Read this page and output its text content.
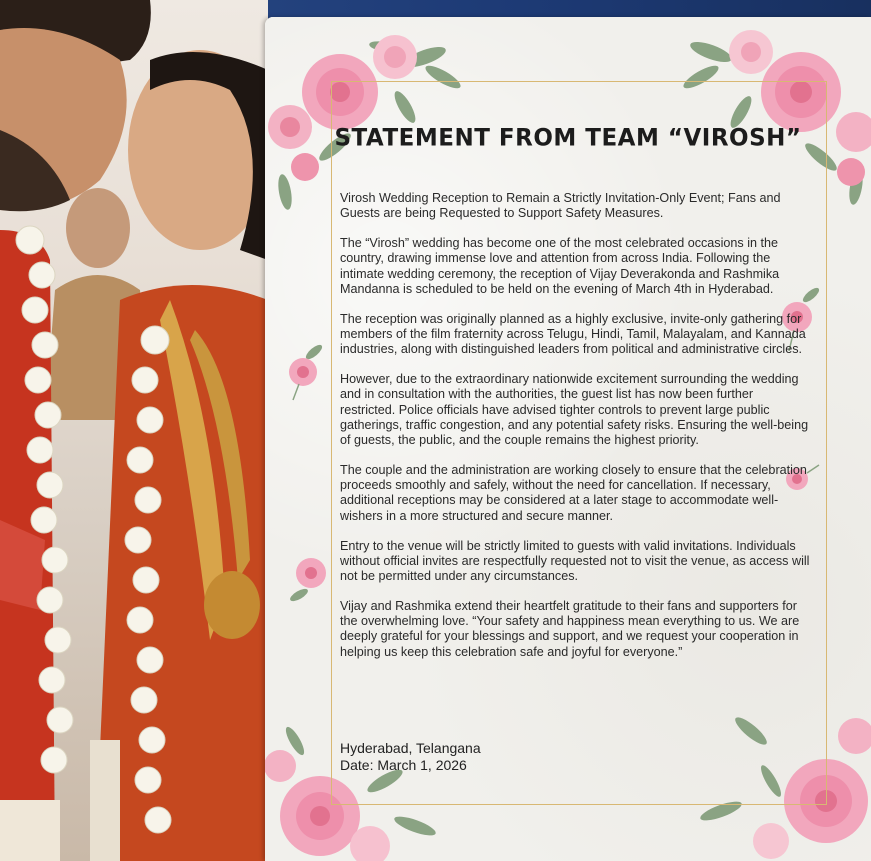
STATEMENT FROM TEAM “VIROSH”

Virosh Wedding Reception to Remain a Strictly Invitation-Only Event; Fans and Guests are being Requested to Support Safety Measures.

The “Virosh” wedding has become one of the most celebrated occasions in the country, drawing immense love and attention from across India. Following the intimate wedding ceremony, the reception of Vijay Deverakonda and Rashmika Mandanna is scheduled to be held on the evening of March 4th in Hyderabad.

The reception was originally planned as a highly exclusive, invite-only gathering for members of the film fraternity across Telugu, Hindi, Tamil, Malayalam, and Kannada industries, along with distinguished leaders from political and administrative circles.

However, due to the extraordinary nationwide excitement surrounding the wedding and in consultation with the authorities, the guest list has now been further restricted. Police officials have advised tighter controls to prevent large public gatherings, traffic congestion, and any potential safety risks. Ensuring the well-being of guests, the public, and the couple remains the highest priority.

The couple and the administration are working closely to ensure that the celebration proceeds smoothly and safely, without the need for cancellation. If necessary, additional receptions may be considered at a later stage to accommodate well-wishers in a more structured and secure manner.

Entry to the venue will be strictly limited to guests with valid invitations. Individuals without official invites are respectfully requested not to visit the venue, as access will not be permitted under any circumstances.

Vijay and Rashmika extend their heartfelt gratitude to their fans and supporters for the overwhelming love. “Your safety and happiness mean everything to us. We are deeply grateful for your blessings and support, and we request your cooperation in helping us keep this celebration safe and joyful for everyone.”

Hyderabad, Telangana
Date: March 1, 2026
